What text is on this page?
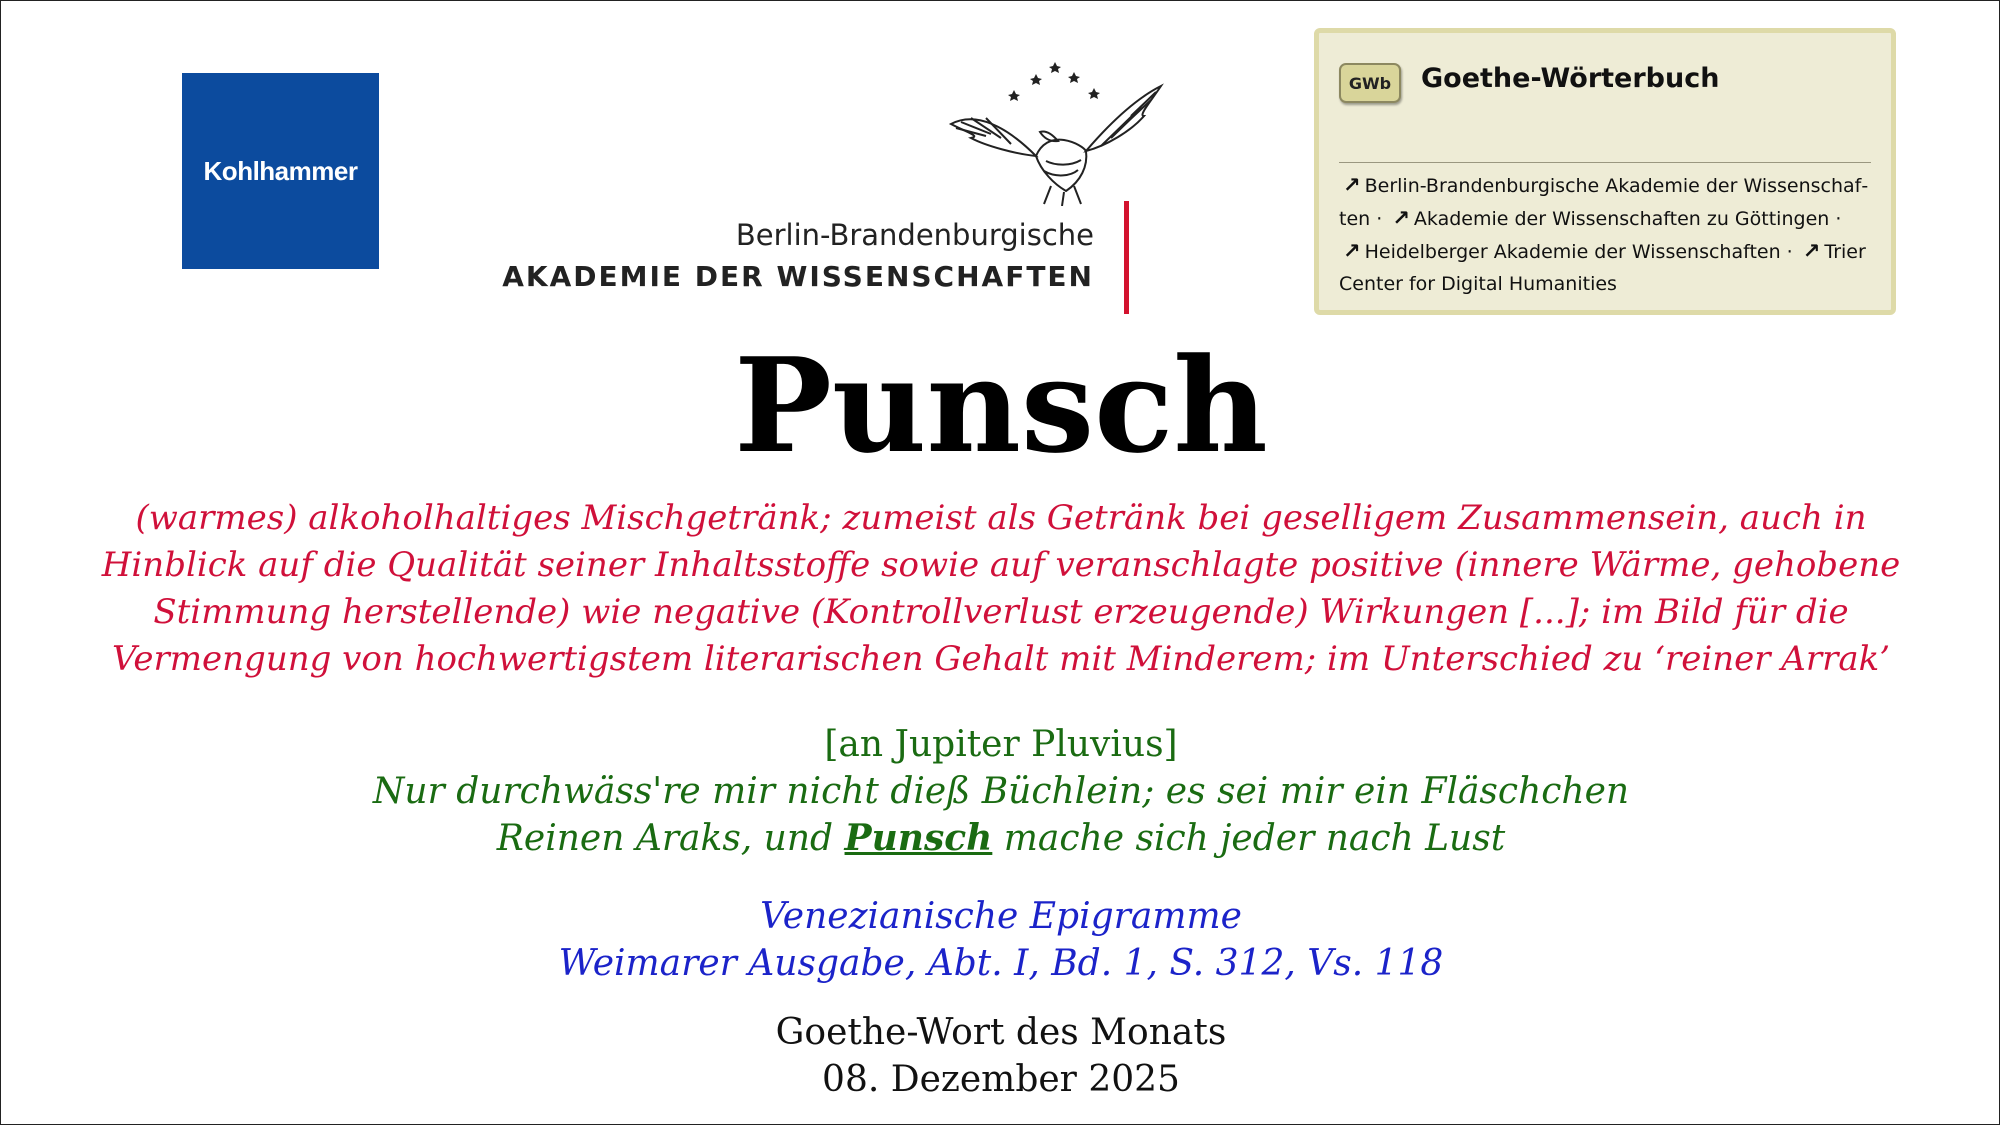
Kohlhammer
Berlin-Brandenburgische
AKADEMIE DER WISSENSCHAFTEN
GWb	Goethe-Wörterbuch
↗ Berlin-Brandenburgische Akademie der Wissenschaften · ↗ Akademie der Wissenschaften zu Göttingen · ↗ Heidelberger Akademie der Wissenschaften · ↗ Trier Center for Digital Humanities
Punsch
(warmes) alkoholhaltiges Mischgetränk; zumeist als Getränk bei geselligem Zusammensein, auch in Hinblick auf die Qualität seiner Inhaltsstoffe sowie auf veranschlagte positive (innere Wärme, gehobene Stimmung herstellende) wie negative (Kontrollverlust erzeugende) Wirkungen [...]; im Bild für die Vermengung von hochwertigstem literarischen Gehalt mit Minderem; im Unterschied zu ‘reiner Arrak’
[an Jupiter Pluvius]
Nur durchwäss're mir nicht dieß Büchlein; es sei mir ein Fläschchen
Reinen Araks, und Punsch mache sich jeder nach Lust
Venezianische Epigramme
Weimarer Ausgabe, Abt. I, Bd. 1, S. 312, Vs. 118
Goethe-Wort des Monats
08. Dezember 2025
